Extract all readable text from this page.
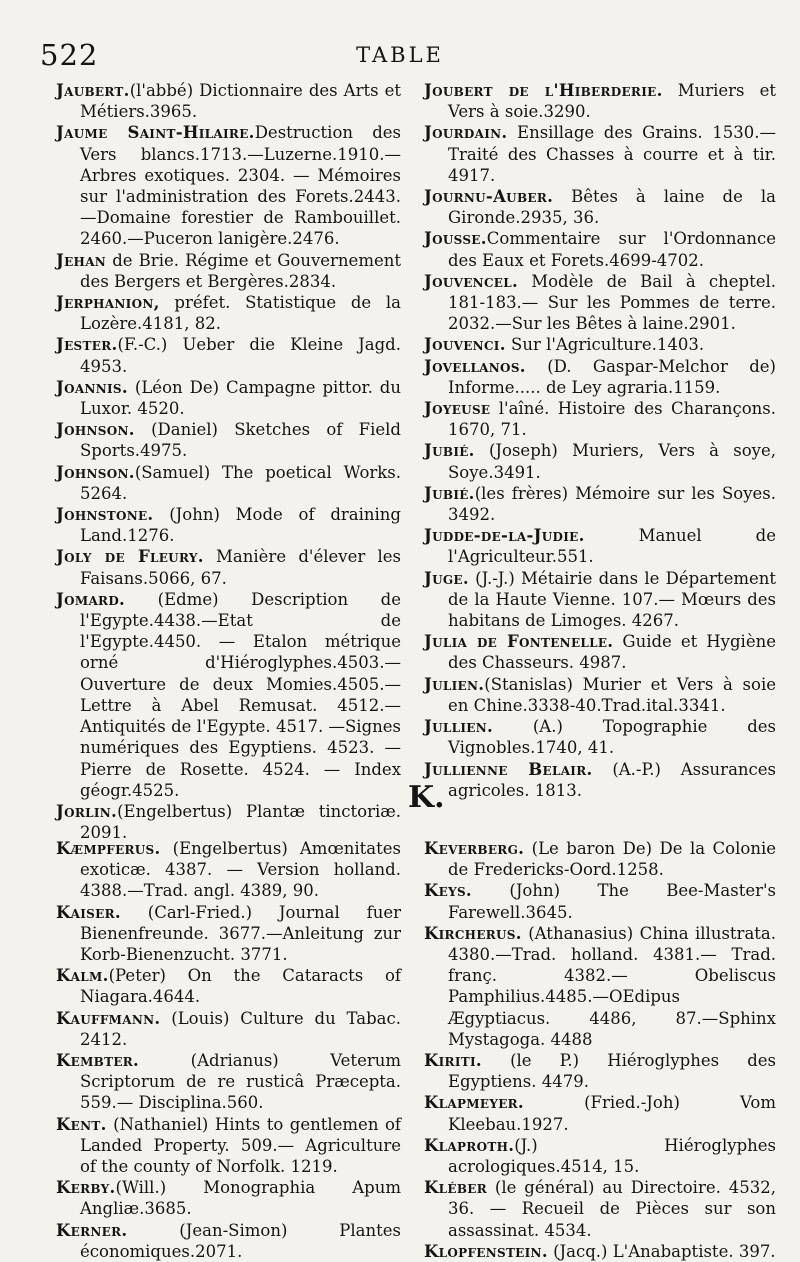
522	TABLE
Jaubert.(l'abbé) Dictionnaire des Arts et Métiers.3965.
Jaume Saint-Hilaire.Destruction des Vers blancs.1713.—Luzerne.1910.— Arbres exotiques. 2304. — Mémoires sur l'administration des Forets.2443. —Domaine forestier de Rambouillet. 2460.—Puceron lanigère.2476.
Jehan de Brie. Régime et Gouvernement des Bergers et Bergères.2834.
Jerphanion, préfet. Statistique de la Lozère.4181, 82.
Jester.(F.-C.) Ueber die Kleine Jagd. 4953.
Joannis. (Léon De) Campagne pittor. du Luxor. 4520.
Johnson. (Daniel) Sketches of Field Sports.4975.
Johnson.(Samuel) The poetical Works. 5264.
Johnstone. (John) Mode of draining Land.1276.
Joly de Fleury. Manière d'élever les Faisans.5066, 67.
Jomard. (Edme) Description de l'Egypte.4438.—Etat de l'Egypte.4450. — Etalon métrique orné d'Hiéroglyphes.4503.—Ouverture de deux Momies.4505.—Lettre à Abel Remusat. 4512.—Antiquités de l'Egypte. 4517. —Signes numériques des Egyptiens. 4523. — Pierre de Rosette. 4524. — Index géogr.4525.
Jorlin.(Engelbertus) Plantæ tinctoriæ. 2091.
Joubert de l'Hiberderie. Muriers et Vers à soie.3290.
Jourdain. Ensillage des Grains. 1530.— Traité des Chasses à courre et à tir. 4917.
Journu-Auber. Bêtes à laine de la Gironde.2935, 36.
Jousse.Commentaire sur l'Ordonnance des Eaux et Forets.4699-4702.
Jouvencel. Modèle de Bail à cheptel. 181-183.— Sur les Pommes de terre. 2032.—Sur les Bêtes à laine.2901.
Jouvenci. Sur l'Agriculture.1403.
Jovellanos. (D. Gaspar-Melchor de) Informe..... de Ley agraria.1159.
Joyeuse l'aîné. Histoire des Charançons. 1670, 71.
Jubié. (Joseph) Muriers, Vers à soye, Soye.3491.
Jubié.(les frères) Mémoire sur les Soyes. 3492.
Judde-de-la-Judie. Manuel de l'Agriculteur.551.
Juge. (J.-J.) Métairie dans le Département de la Haute Vienne. 107.— Mœurs des habitans de Limoges. 4267.
Julia de Fontenelle. Guide et Hygiène des Chasseurs. 4987.
Julien.(Stanislas) Murier et Vers à soie en Chine.3338-40.Trad.ital.3341.
Jullien. (A.) Topographie des Vignobles.1740, 41.
Jullienne Belair. (A.-P.) Assurances agricoles. 1813.
K.
Kæmpferus. (Engelbertus) Amœnitates exoticæ. 4387. — Version holland. 4388.—Trad. angl. 4389, 90.
Kaiser. (Carl-Fried.) Journal fuer Bienenfreunde. 3677.—Anleitung zur Korb-Bienenzucht. 3771.
Kalm.(Peter) On the Cataracts of Niagara.4644.
Kauffmann. (Louis) Culture du Tabac. 2412.
Kembter. (Adrianus) Veterum Scriptorum de re rusticâ Præcepta. 559.— Disciplina.560.
Kent. (Nathaniel) Hints to gentlemen of Landed Property. 509.— Agriculture of the county of Norfolk. 1219.
Kerby.(Will.) Monographia Apum Angliæ.3685.
Kerner. (Jean-Simon) Plantes économiques.2071.
Keverberg. (Le baron De) De la Colonie de Fredericks-Oord.1258.
Keys. (John) The Bee-Master's Farewell.3645.
Kircherus. (Athanasius) China illustrata. 4380.—Trad. holland. 4381.— Trad. franç. 4382.— Obeliscus Pamphilius.4485.—OEdipus Ægyptiacus. 4486, 87.—Sphinx Mystagoga. 4488
Kiriti. (le P.) Hiéroglyphes des Egyptiens. 4479.
Klapmeyer. (Fried.-Joh) Vom Kleebau.1927.
Klaproth.(J.) Hiéroglyphes acrologiques.4514, 15.
Kléber (le général) au Directoire. 4532, 36. — Recueil de Pièces sur son assassinat. 4534.
Klopfenstein. (Jacq.) L'Anabaptiste. 397.
